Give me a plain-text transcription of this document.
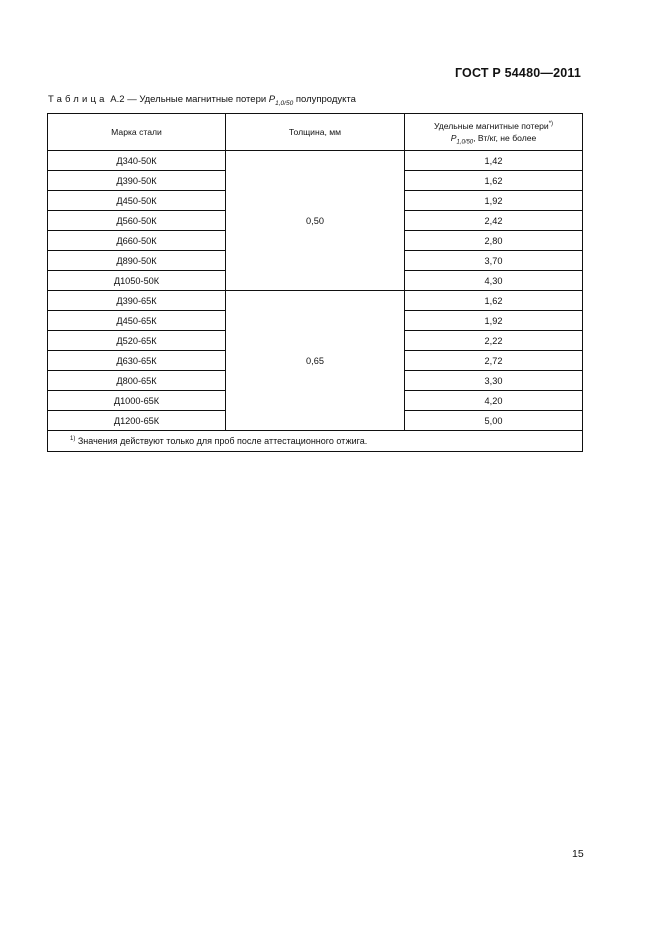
ГОСТ Р 54480—2011
Таблица А.2 — Удельные магнитные потери $P_{1,0/50}$ полупродукта
Марка стали	Толщина, мм	Удельные магнитные потери*)
$P_{1,0/50}$, Вт/кг, не более
Д340-50К	0,50	1,42
Д390-50К		1,62
Д450-50К		1,92
Д560-50К		2,42
Д660-50К		2,80
Д890-50К		3,70
Д1050-50К		4,30
Д390-65К	0,65	1,62
Д450-65К		1,92
Д520-65К		2,22
Д630-65К		2,72
Д800-65К		3,30
Д1000-65К		4,20
Д1200-65К		5,00
$^{1)}$ Значения действуют только для проб после аттестационного отжига.		
15
